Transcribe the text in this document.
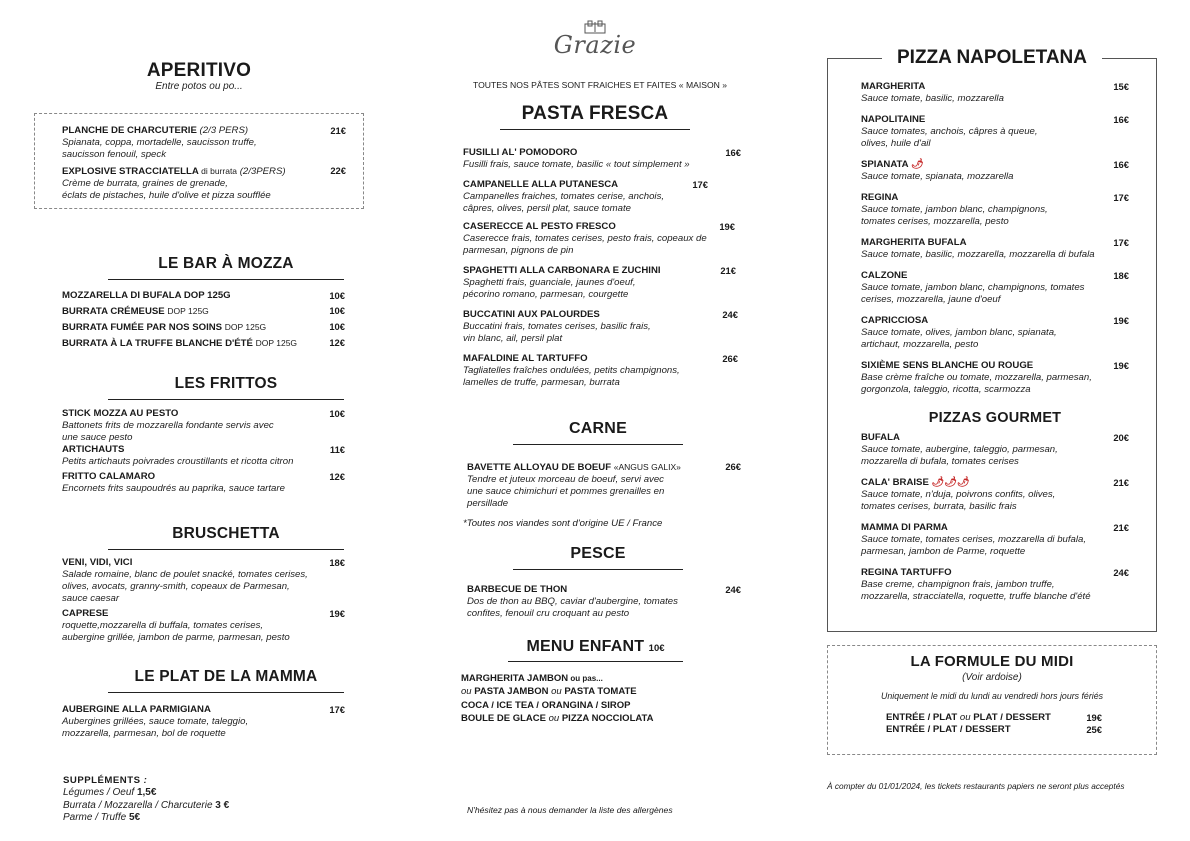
APERITIVO
Entre potos ou po...
PLANCHE DE CHARCUTERIE (2/3 PERS)	21€
Spianata, coppa, mortadelle, saucisson truffe,
saucisson fenouil, speck
EXPLOSIVE STRACCIATELLA di burrata (2/3PERS)	22€
Crème de burrata, graines de grenade,
éclats de pistaches, huile d'olive et pizza soufflée
LE BAR À MOZZA
MOZZARELLA DI BUFALA DOP 125G	10€
BURRATA CRÉMEUSE DOP 125G	10€
BURRATA FUMÉE PAR NOS SOINS DOP 125G	10€
BURRATA À LA TRUFFE BLANCHE D'ÉTÉ DOP 125G	12€
LES FRITTOS
STICK MOZZA AU PESTO	10€
Battonets frits de mozzarella fondante servis avec
une sauce pesto
ARTICHAUTS	11€
Petits artichauts poivrades croustillants et ricotta citron
FRITTO CALAMARO	12€
Encornets frits saupoudrés au paprika, sauce tartare
BRUSCHETTA
VENI, VIDI, VICI	18€
Salade romaine, blanc de poulet snacké, tomates cerises,
olives, avocats, granny-smith, copeaux de Parmesan,
sauce caesar
CAPRESE	19€
roquette,mozzarella di buffala, tomates cerises,
aubergine grillée, jambon de parme, parmesan, pesto
LE PLAT DE LA MAMMA
AUBERGINE ALLA PARMIGIANA	17€
Aubergines grillées, sauce tomate, taleggio,
mozzarella, parmesan, bol de roquette
SUPPLÉMENTS :
Légumes / Oeuf 1,5€
Burrata / Mozzarella / Charcuterie 3 €
Parme / Truffe 5€
Grazie
TOUTES NOS PÂTES SONT FRAICHES ET FAITES « MAISON »
PASTA FRESCA
FUSILLI AL' POMODORO	16€
Fusilli frais, sauce tomate, basilic « tout simplement »
CAMPANELLE ALLA PUTANESCA	17€
Campanelles fraiches, tomates cerise, anchois,
câpres, olives, persil plat, sauce tomate
CASERECCE AL PESTO FRESCO	19€
Caserecce frais, tomates cerises, pesto frais, copeaux de
parmesan, pignons de pin
SPAGHETTI ALLA CARBONARA E ZUCHINI	21€
Spaghetti frais, guanciale, jaunes d'oeuf,
pécorino romano, parmesan, courgette
BUCCATINI AUX PALOURDES	24€
Buccatini frais, tomates cerises, basilic frais,
vin blanc, ail, persil plat
MAFALDINE AL TARTUFFO	26€
Tagliatelles fraîches ondulées, petits champignons,
lamelles de truffe, parmesan, burrata
CARNE
BAVETTE ALLOYAU DE BOEUF «ANGUS GALIX»	26€
Tendre et juteux morceau de boeuf, servi avec
une sauce chimichuri et pommes grenailles en
persillade
*Toutes nos viandes sont d'origine UE / France
PESCE
BARBECUE DE THON	24€
Dos de thon au BBQ, caviar d'aubergine, tomates
confites, fenouil cru croquant au pesto
MENU ENFANT 10€
MARGHERITA JAMBON ou pas...
ou PASTA JAMBON ou PASTA TOMATE
COCA / ICE TEA / ORANGINA / SIROP
BOULE DE GLACE ou PIZZA NOCCIOLATA
N'hésitez pas à nous demander la liste des allergènes
PIZZA NAPOLETANA
MARGHERITA	15€
Sauce tomate, basilic, mozzarella
NAPOLITAINE	16€
Sauce tomates, anchois, câpres à queue,
olives, huile d'ail
SPIANATA 🌶	16€
Sauce tomate, spianata, mozzarella
REGINA	17€
Sauce tomate, jambon blanc, champignons,
tomates cerises, mozzarella, pesto
MARGHERITA BUFALA	17€
Sauce tomate, basilic, mozzarella, mozzarella di bufala
CALZONE	18€
Sauce tomate, jambon blanc, champignons, tomates
cerises, mozzarella, jaune d'oeuf
CAPRICCIOSA	19€
Sauce tomate, olives, jambon blanc, spianata,
artichaut, mozzarella, pesto
SIXIÈME SENS BLANCHE OU ROUGE	19€
Base crème fraîche ou tomate, mozzarella, parmesan,
gorgonzola, taleggio, ricotta, scarmozza
PIZZAS GOURMET
BUFALA	20€
Sauce tomate, aubergine, taleggio, parmesan,
mozzarella di bufala, tomates cerises
CALA' BRAISE 🌶🌶🌶	21€
Sauce tomate, n'duja, poivrons confits, olives,
tomates cerises, burrata, basilic frais
MAMMA DI PARMA	21€
Sauce tomate, tomates cerises, mozzarella di bufala,
parmesan, jambon de Parme, roquette
REGINA TARTUFFO	24€
Base creme, champignon frais, jambon truffe,
mozzarella, stracciatella, roquette, truffe blanche d'été
LA FORMULE DU MIDI
(Voir ardoise)
Uniquement le midi du lundi au vendredi hors jours fériés
ENTRÉE / PLAT ou PLAT / DESSERT	19€
ENTRÉE / PLAT / DESSERT	25€
À compter du 01/01/2024, les tickets restaurants papiers ne seront plus acceptés
